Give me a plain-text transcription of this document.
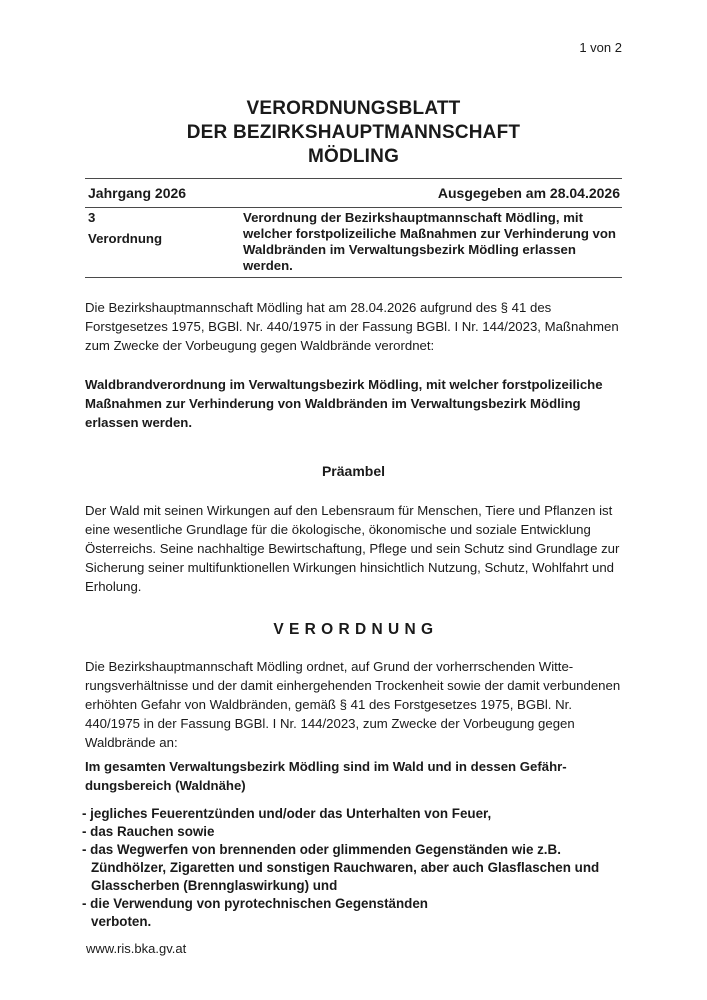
1 von 2
VERORDNUNGSBLATT
DER BEZIRKSHAUPTMANNSCHAFT
MÖDLING
Jahrgang 2026	Ausgegeben am 28.04.2026
3
Verordnung
Verordnung der Bezirkshauptmannschaft Mödling, mit welcher forstpolizeiliche Maßnahmen zur Verhinderung von Waldbränden im Verwaltungsbezirk Mödling erlassen werden.

Die Bezirkshauptmannschaft Mödling hat am 28.04.2026 aufgrund des § 41 des Forstgesetzes 1975, BGBl. Nr. 440/1975 in der Fassung BGBl. I Nr. 144/2023, Maßnahmen zum Zwecke der Vorbeugung gegen Waldbrände verordnet:

Waldbrandverordnung im Verwaltungsbezirk Mödling, mit welcher forstpolizeiliche Maßnahmen zur Verhinderung von Waldbränden im Verwaltungsbezirk Mödling erlassen werden.

Präambel

Der Wald mit seinen Wirkungen auf den Lebensraum für Menschen, Tiere und Pflanzen ist eine wesentliche Grundlage für die ökologische, ökonomische und soziale Entwicklung Österreichs. Seine nachhaltige Bewirtschaftung, Pflege und sein Schutz sind Grundlage zur Sicherung seiner multifunktionellen Wirkungen hinsichtlich Nutzung, Schutz, Wohlfahrt und Erholung.

V E R O R D N U N G

Die Bezirkshauptmannschaft Mödling ordnet, auf Grund der vorherrschenden Witterungsverhältnisse und der damit einhergehenden Trockenheit sowie der damit verbundenen erhöhten Gefahr von Waldbränden, gemäß § 41 des Forstgesetzes 1975, BGBl. Nr. 440/1975 in der Fassung BGBl. I Nr. 144/2023, zum Zwecke der Vorbeugung gegen Waldbrände an:

Im gesamten Verwaltungsbezirk Mödling sind im Wald und in dessen Gefährdungsbereich (Waldnähe)

- jegliches Feuerentzünden und/oder das Unterhalten von Feuer,
- das Rauchen sowie
- das Wegwerfen von brennenden oder glimmenden Gegenständen wie z.B. Zündhölzer, Zigaretten und sonstigen Rauchwaren, aber auch Glasflaschen und Glasscherben (Brennglaswirkung) und
- die Verwendung von pyrotechnischen Gegenständen
verboten.
www.ris.bka.gv.at
